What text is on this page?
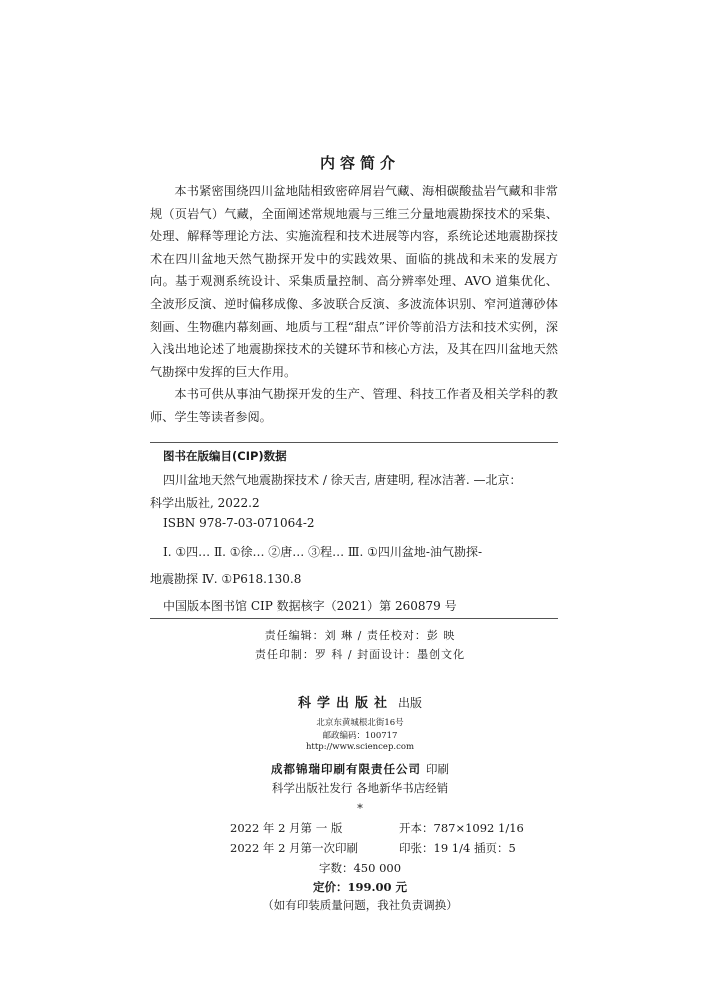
内容简介

本书紧密围绕四川盆地陆相致密碎屑岩气藏、海相碳酸盐岩气藏和非常规（页岩气）气藏，全面阐述常规地震与三维三分量地震勘探技术的采集、处理、解释等理论方法、实施流程和技术进展等内容，系统论述地震勘探技术在四川盆地天然气勘探开发中的实践效果、面临的挑战和未来的发展方向。基于观测系统设计、采集质量控制、高分辨率处理、AVO 道集优化、全波形反演、逆时偏移成像、多波联合反演、多波流体识别、窄河道薄砂体刻画、生物礁内幕刻画、地质与工程“甜点”评价等前沿方法和技术实例，深入浅出地论述了地震勘探技术的关键环节和核心方法，及其在四川盆地天然气勘探中发挥的巨大作用。

本书可供从事油气勘探开发的生产、管理、科技工作者及相关学科的教师、学生等读者参阅。

图书在版编目(CIP)数据
四川盆地天然气地震勘探技术 / 徐天吉, 唐建明, 程冰洁著. —北京：
科学出版社, 2022.2
ISBN 978-7-03-071064-2
Ⅰ. ①四… Ⅱ. ①徐… ②唐… ③程… Ⅲ. ①四川盆地-油气勘探-
地震勘探 Ⅳ. ①P618.130.8
中国版本图书馆 CIP 数据核字（2021）第 260879 号
责任编辑：刘 琳 / 责任校对：彭 映
责任印制：罗 科 / 封面设计：墨创文化
科学出版社 出版
北京东黄城根北街16号
邮政编码：100717
http://www.sciencep.com
成都锦瑞印刷有限责任公司 印刷
科学出版社发行 各地新华书店经销
*
2022 年 2 月第 一 版	开本：787×1092 1/16
2022 年 2 月第一次印刷	印张：19 1/4 插页：5
字数：450 000
定价：199.00 元
（如有印装质量问题，我社负责调换）
